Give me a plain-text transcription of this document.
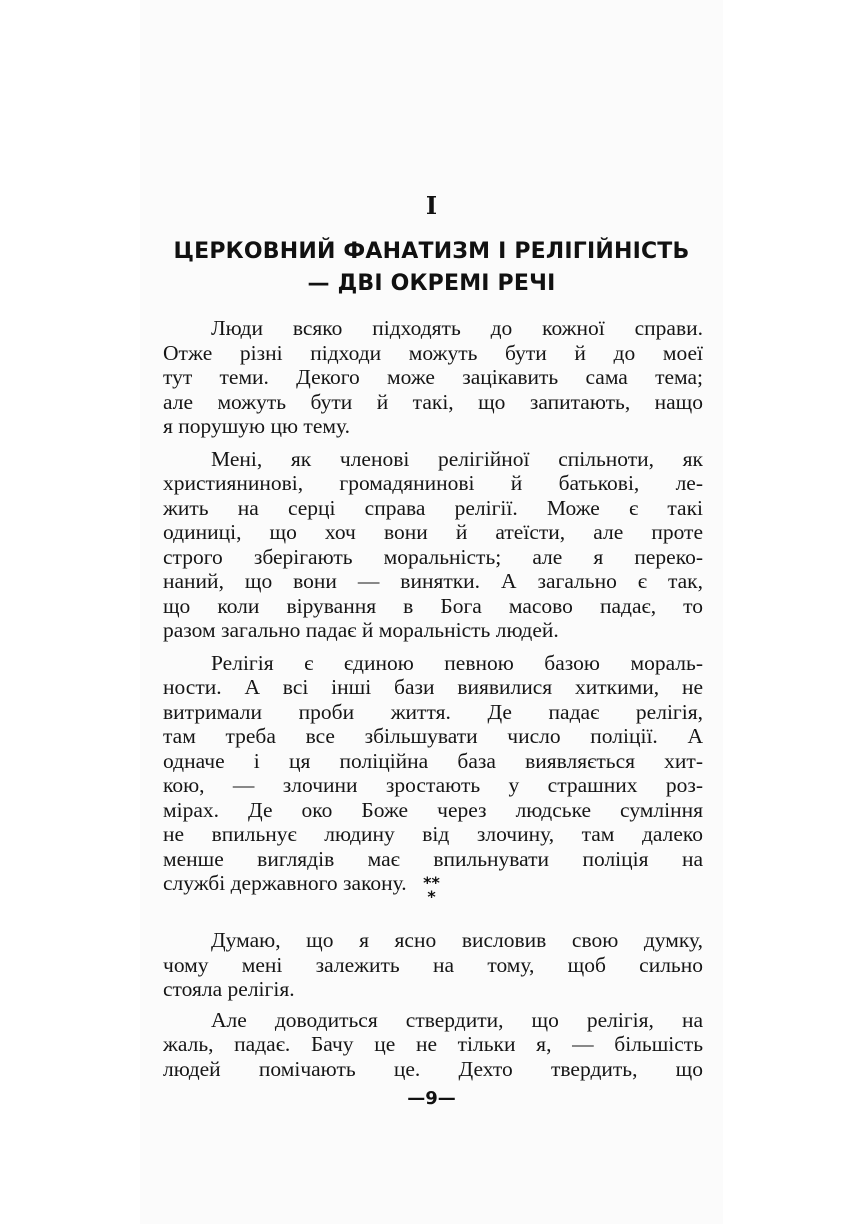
I
ЦЕРКОВНИЙ ФАНАТИЗМ І РЕЛІГІЙНІСТЬ
— ДВІ ОКРЕМІ РЕЧІ
Люди всяко підходять до кожної справи.
Отже різні підходи можуть бути й до моеї
тут теми. Декого може зацікавить сама тема;
але можуть бути й такі, що запитають, нащо
я порушую цю тему.
Мені, як членові релігійної спільноти, як
християнинові, громадянинові й батькові, ле-
жить на серці справа релігії. Може є такі
одиниці, що хоч вони й атеїсти, але проте
строго зберігають моральність; але я переко-
наний, що вони — винятки. А загально є так,
що коли вірування в Бога масово падає, то
разом загально падає й моральність людей.
Релігія є єдиною певною базою мораль-
ности. А всі інші бази виявилися хиткими, не
витримали проби життя. Де падає релігія,
там треба все збільшувати число поліції. А
одначе і ця поліційна база виявляється хит-
кою, — злочини зростають у страшних роз-
мірах. Де око Боже через людське сумління
не впильнує людину від злочину, там далеко
менше виглядів має впильнувати поліція на
службі державного закону.	**
*
Думаю, що я ясно висловив свою думку,
чому мені залежить на тому, щоб сильно
стояла релігія.
Але доводиться ствердити, що релігія, на
жаль, падає. Бачу це не тільки я, — більшість
людей помічають це. Дехто твердить, що
—9—
